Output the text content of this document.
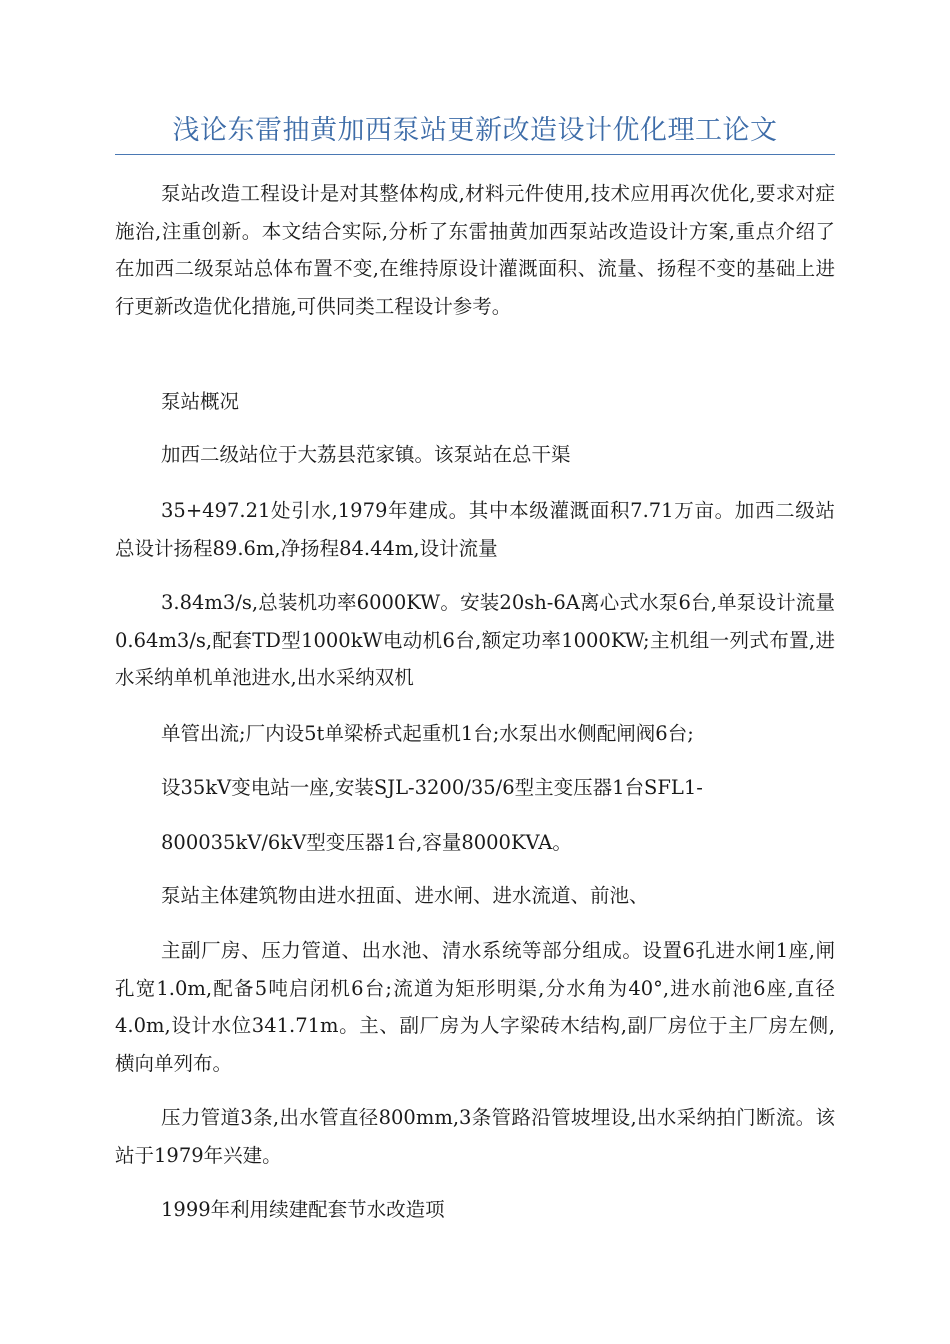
浅论东雷抽黄加西泵站更新改造设计优化理工论文

泵站改造工程设计是对其整体构成,材料元件使用,技术应用再次优化,要求对症施治,注重创新。本文结合实际,分析了东雷抽黄加西泵站改造设计方案,重点介绍了在加西二级泵站总体布置不变,在维持原设计灌溉面积、流量、扬程不变的基础上进行更新改造优化措施,可供同类工程设计参考。

泵站概况

加西二级站位于大荔县范家镇。该泵站在总干渠

35+497.21处引水,1979年建成。其中本级灌溉面积7.71万亩。加西二级站总设计扬程89.6m,净扬程84.44m,设计流量

3.84m3/s,总装机功率6000KW。安装20sh-6A离心式水泵6台,单泵设计流量0.64m3/s,配套TD型1000kW电动机6台,额定功率1000KW;主机组一列式布置,进水采纳单机单池进水,出水采纳双机

单管出流;厂内设5t单梁桥式起重机1台;水泵出水侧配闸阀6台;

设35kV变电站一座,安装SJL-3200/35/6型主变压器1台SFL1-

800035kV/6kV型变压器1台,容量8000KVA。

泵站主体建筑物由进水扭面、进水闸、进水流道、前池、

主副厂房、压力管道、出水池、清水系统等部分组成。设置6孔进水闸1座,闸孔宽1.0m,配备5吨启闭机6台;流道为矩形明渠,分水角为40°,进水前池6座,直径4.0m,设计水位341.71m。主、副厂房为人字梁砖木结构,副厂房位于主厂房左侧,横向单列布。

压力管道3条,出水管直径800mm,3条管路沿管坡埋设,出水采纳拍门断流。该站于1979年兴建。

1999年利用续建配套节水改造项
